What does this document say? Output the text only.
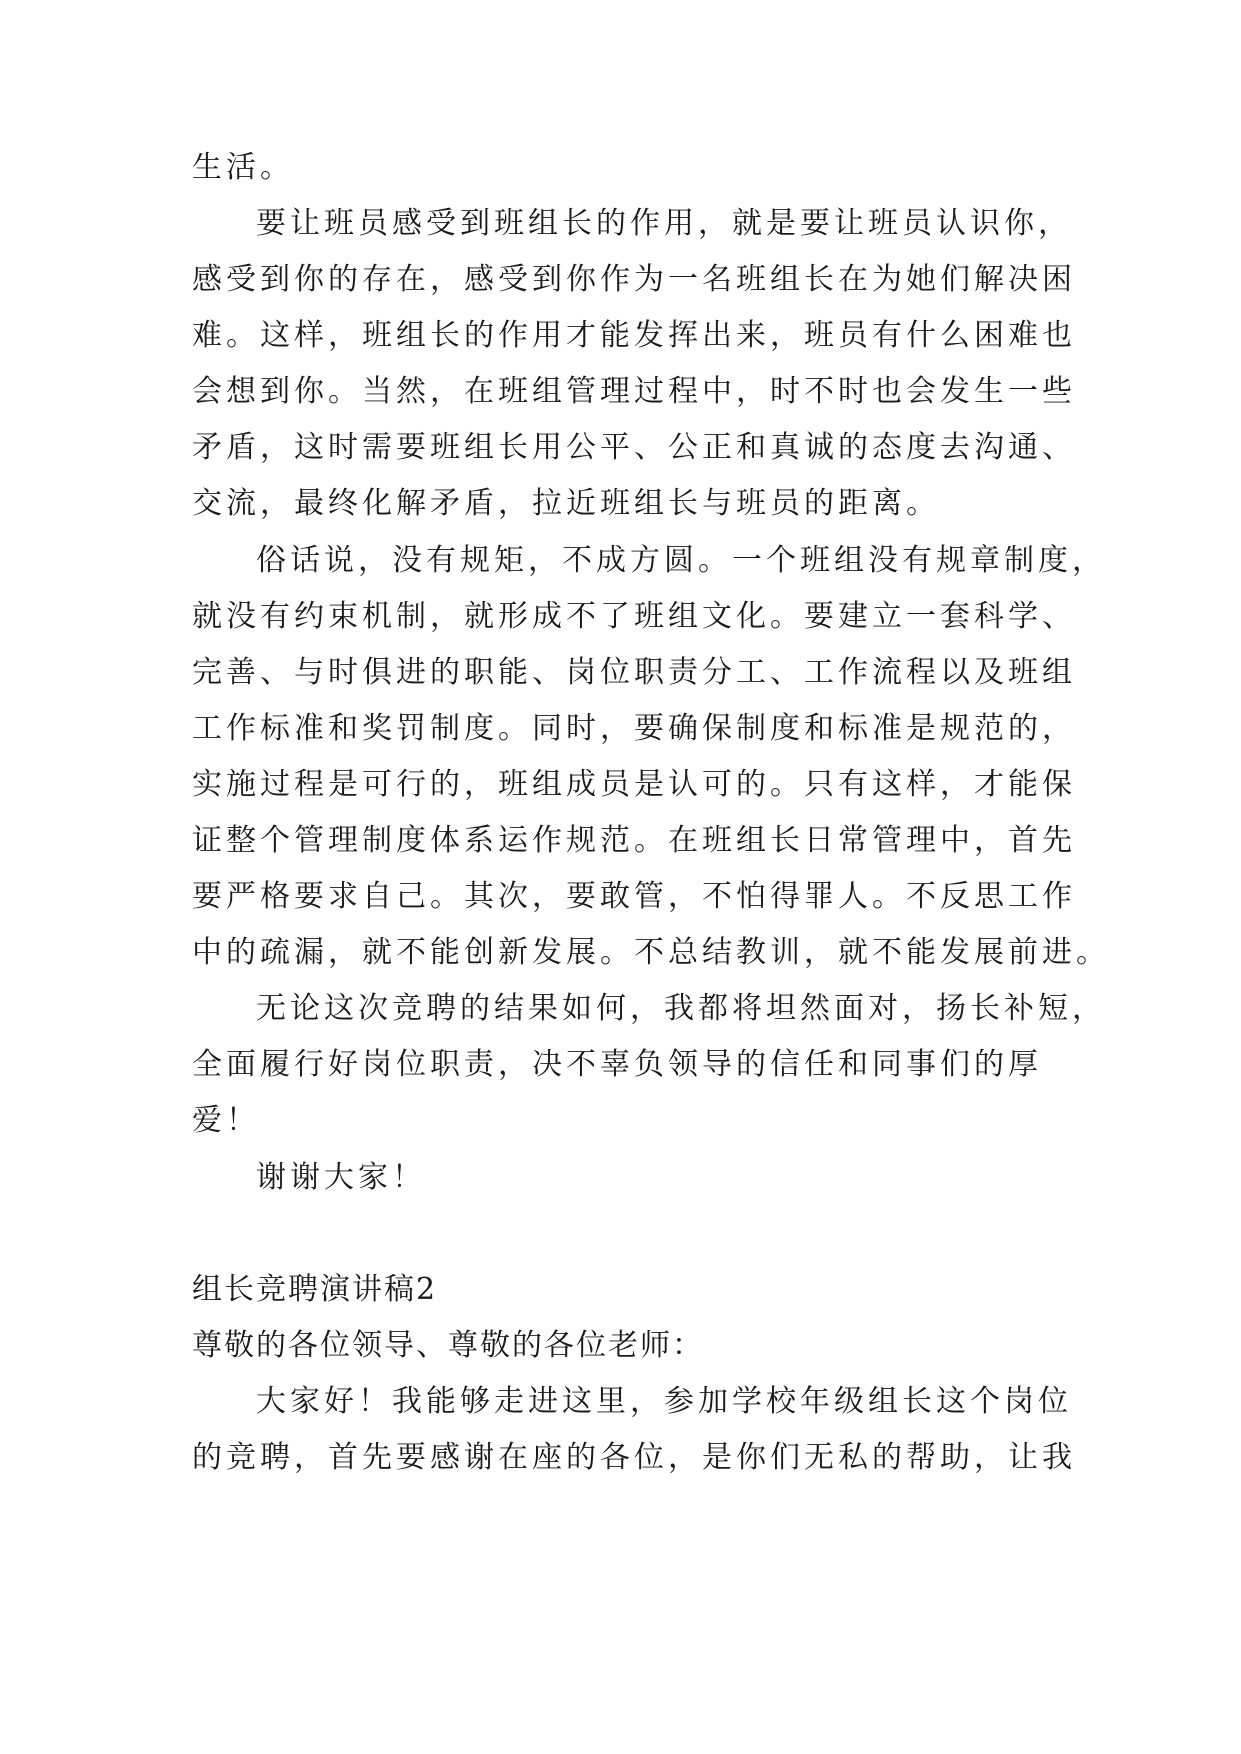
生活。
要让班员感受到班组长的作用，就是要让班员认识你，
感受到你的存在，感受到你作为一名班组长在为她们解决困
难。这样，班组长的作用才能发挥出来，班员有什么困难也
会想到你。当然，在班组管理过程中，时不时也会发生一些
矛盾，这时需要班组长用公平、公正和真诚的态度去沟通、
交流，最终化解矛盾，拉近班组长与班员的距离。
俗话说，没有规矩，不成方圆。一个班组没有规章制度，
就没有约束机制，就形成不了班组文化。要建立一套科学、
完善、与时俱进的职能、岗位职责分工、工作流程以及班组
工作标准和奖罚制度。同时，要确保制度和标准是规范的，
实施过程是可行的，班组成员是认可的。只有这样，才能保
证整个管理制度体系运作规范。在班组长日常管理中，首先
要严格要求自己。其次，要敢管，不怕得罪人。不反思工作
中的疏漏，就不能创新发展。不总结教训，就不能发展前进。
无论这次竞聘的结果如何，我都将坦然面对，扬长补短，
全面履行好岗位职责，决不辜负领导的信任和同事们的厚
爱！
谢谢大家！
组长竞聘演讲稿2
尊敬的各位领导、尊敬的各位老师：
大家好！我能够走进这里，参加学校年级组长这个岗位
的竞聘，首先要感谢在座的各位，是你们无私的帮助，让我
